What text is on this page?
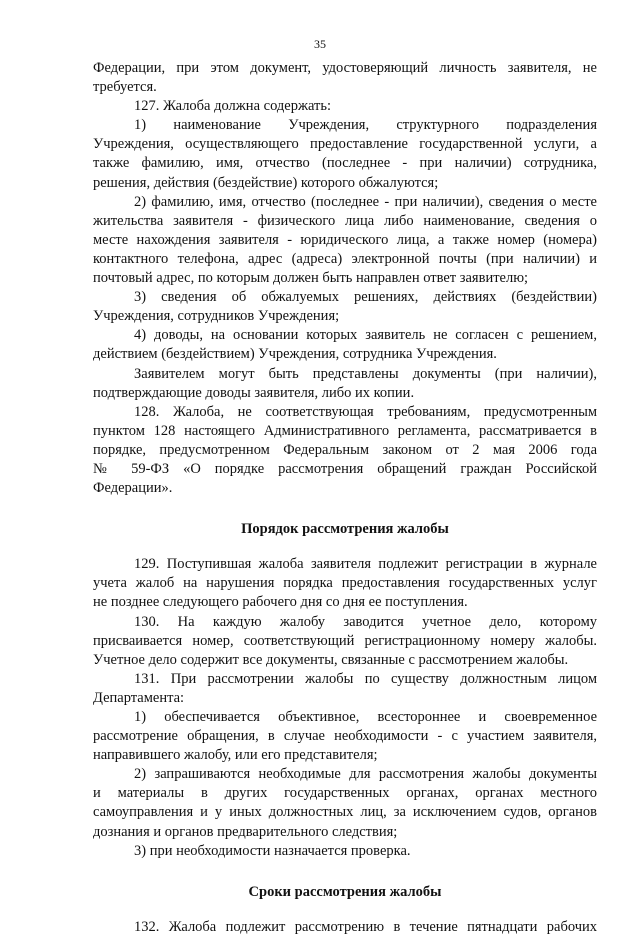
35
Федерации, при этом документ, удостоверяющий личность заявителя, не
требуется.
127. Жалоба должна содержать:
1) наименование Учреждения, структурного подразделения
Учреждения, осуществляющего предоставление государственной услуги, а
также фамилию, имя, отчество (последнее - при наличии) сотрудника,
решения, действия (бездействие) которого обжалуются;
2) фамилию, имя, отчество (последнее - при наличии), сведения о месте
жительства заявителя - физического лица либо наименование, сведения о
месте нахождения заявителя - юридического лица, а также номер (номера)
контактного телефона, адрес (адреса) электронной почты (при наличии) и
почтовый адрес, по которым должен быть направлен ответ заявителю;
3) сведения об обжалуемых решениях, действиях (бездействии)
Учреждения, сотрудников Учреждения;
4) доводы, на основании которых заявитель не согласен с решением,
действием (бездействием) Учреждения, сотрудника Учреждения.
Заявителем могут быть представлены документы (при наличии),
подтверждающие доводы заявителя, либо их копии.
128. Жалоба, не соответствующая требованиям, предусмотренным
пунктом 128 настоящего Административного регламента, рассматривается в
порядке, предусмотренном Федеральным законом от 2 мая 2006 года
№ 59-ФЗ «О порядке рассмотрения обращений граждан Российской
Федерации».
Порядок рассмотрения жалобы
129. Поступившая жалоба заявителя подлежит регистрации в журнале
учета жалоб на нарушения порядка предоставления государственных услуг
не позднее следующего рабочего дня со дня ее поступления.
130. На каждую жалобу заводится учетное дело, которому
присваивается номер, соответствующий регистрационному номеру жалобы.
Учетное дело содержит все документы, связанные с рассмотрением жалобы.
131. При рассмотрении жалобы по существу должностным лицом
Департамента:
1) обеспечивается объективное, всестороннее и своевременное
рассмотрение обращения, в случае необходимости - с участием заявителя,
направившего жалобу, или его представителя;
2) запрашиваются необходимые для рассмотрения жалобы документы
и материалы в других государственных органах, органах местного
самоуправления и у иных должностных лиц, за исключением судов, органов
дознания и органов предварительного следствия;
3) при необходимости назначается проверка.
Сроки рассмотрения жалобы
132. Жалоба подлежит рассмотрению в течение пятнадцати рабочих
